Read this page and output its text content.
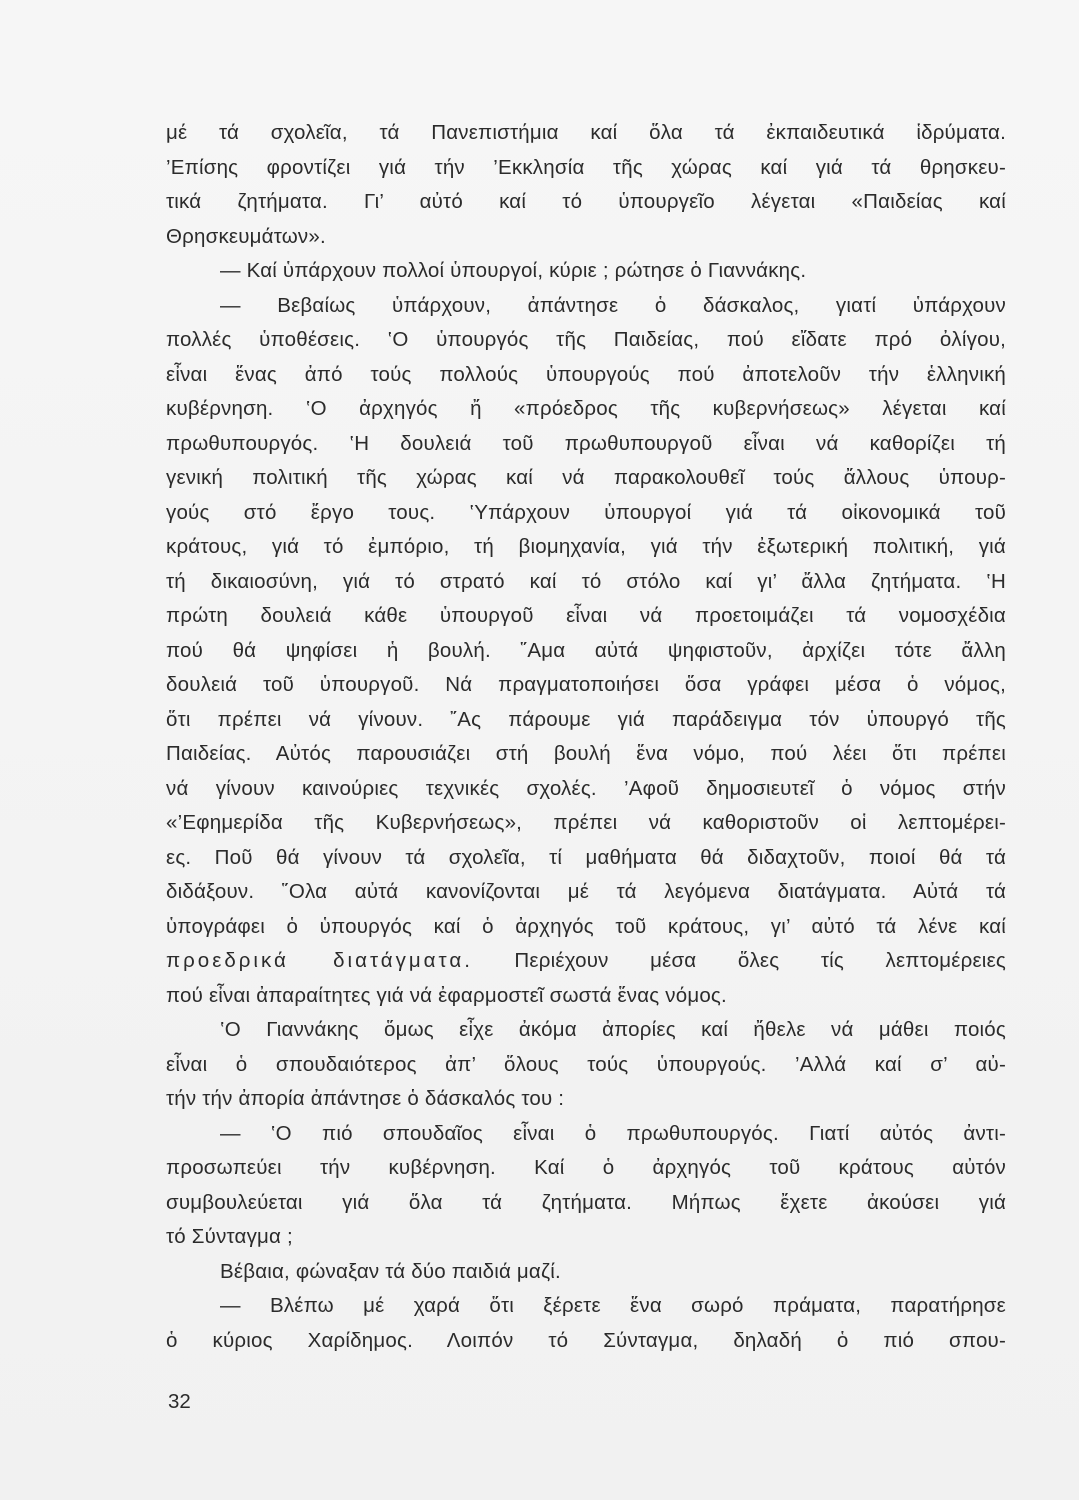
μέ τά σχολεῖα, τά Πανεπιστήμια καί ὅλα τά ἐκπαιδευτικά ἱδρύματα.
’Επίσης φροντίζει γιά τήν ’Εκκλησία τῆς χώρας καί γιά τά θρησκευ-
τικά ζητήματα. Γι’ αὐτό καί τό ὑπουργεῖο λέγεται «Παιδείας καί
Θρησκευμάτων».
— Καί ὑπάρχουν πολλοί ὑπουργοί, κύριε ; ρώτησε ὁ Γιαννάκης.
— Βεβαίως ὑπάρχουν, ἀπάντησε ὁ δάσκαλος, γιατί ὑπάρχουν
πολλές ὑποθέσεις. ‛Ο ὑπουργός τῆς Παιδείας, πού εἴδατε πρό ὀλίγου,
εἶναι ἕνας ἀπό τούς πολλούς ὑπουργούς πού ἀποτελοῦν τήν ἑλληνική
κυβέρνηση. ‛Ο ἀρχηγός ἤ «πρόεδρος τῆς κυβερνήσεως» λέγεται καί
πρωθυπουργός. ‛Η δουλειά τοῦ πρωθυπουργοῦ εἶναι νά καθορίζει τή
γενική πολιτική τῆς χώρας καί νά παρακολουθεῖ τούς ἄλλους ὑπουρ-
γούς στό ἔργο τους. ‛Υπάρχουν ὑπουργοί γιά τά οἰκονομικά τοῦ
κράτους, γιά τό ἐμπόριο, τή βιομηχανία, γιά τήν ἐξωτερική πολιτική, γιά
τή δικαιοσύνη, γιά τό στρατό καί τό στόλο καί γι’ ἄλλα ζητήματα. ‛Η
πρώτη δουλειά κάθε ὑπουργοῦ εἶναι νά προετοιμάζει τά νομοσχέδια
πού θά ψηφίσει ἡ βουλή. ῞Αμα αὐτά ψηφιστοῦν, ἀρχίζει τότε ἄλλη
δουλειά τοῦ ὑπουργοῦ. Νά πραγματοποιήσει ὅσα γράφει μέσα ὁ νόμος,
ὅτι πρέπει νά γίνουν. ῎Ας πάρουμε γιά παράδειγμα τόν ὑπουργό τῆς
Παιδείας. Αὐτός παρουσιάζει στή βουλή ἕνα νόμο, πού λέει ὅτι πρέπει
νά γίνουν καινούριες τεχνικές σχολές. ’Αφοῦ δημοσιευτεῖ ὁ νόμος στήν
«’Εφημερίδα τῆς Κυβερνήσεως», πρέπει νά καθοριστοῦν οἱ λεπτομέρει-
ες. Ποῦ θά γίνουν τά σχολεῖα, τί μαθήματα θά διδαχτοῦν, ποιοί θά τά
διδάξουν. ῞Ολα αὐτά κανονίζονται μέ τά λεγόμενα διατάγματα. Αὐτά τά
ὑπογράφει ὁ ὑπουργός καί ὁ ἀρχηγός τοῦ κράτους, γι’ αὐτό τά λένε καί
προεδρικά διατάγματα. Περιέχουν μέσα ὅλες τίς λεπτομέρειες
πού εἶναι ἀπαραίτητες γιά νά ἐφαρμοστεῖ σωστά ἕνας νόμος.
‛Ο Γιαννάκης ὅμως εἶχε ἀκόμα ἀπορίες καί ἤθελε νά μάθει ποιός
εἶναι ὁ σπουδαιότερος ἀπ’ ὅλους τούς ὑπουργούς. ’Αλλά καί σ’ αὐ-
τήν τήν ἀπορία ἀπάντησε ὁ δάσκαλός του :
— ‛Ο πιό σπουδαῖος εἶναι ὁ πρωθυπουργός. Γιατί αὐτός ἀντι-
προσωπεύει τήν κυβέρνηση. Καί ὁ ἀρχηγός τοῦ κράτους αὐτόν
συμβουλεύεται γιά ὅλα τά ζητήματα. Μήπως ἔχετε ἀκούσει γιά
τό Σύνταγμα ;
Βέβαια, φώναξαν τά δύο παιδιά μαζί.
— Βλέπω μέ χαρά ὅτι ξέρετε ἕνα σωρό πράματα, παρατήρησε
ὁ κύριος Χαρίδημος. Λοιπόν τό Σύνταγμα, δηλαδή ὁ πιό σπου-
32
